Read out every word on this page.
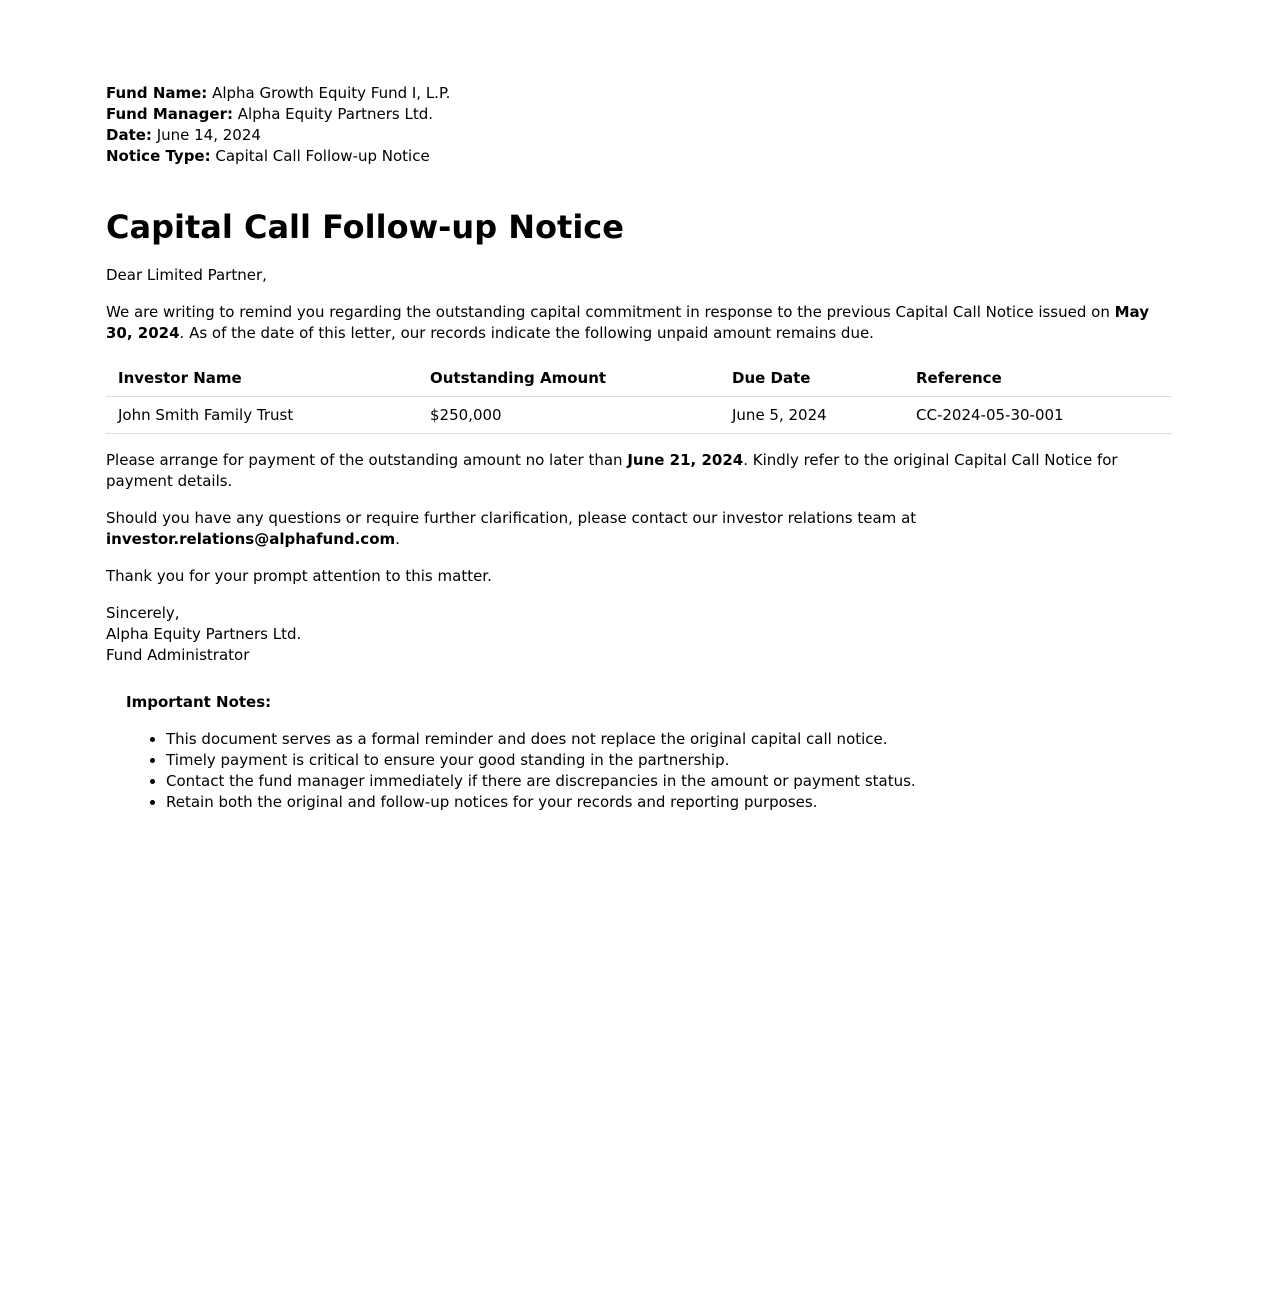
Fund Name: Alpha Growth Equity Fund I, L.P.
Fund Manager: Alpha Equity Partners Ltd.
Date: June 14, 2024
Notice Type: Capital Call Follow-up Notice
Capital Call Follow-up Notice

Dear Limited Partner,

We are writing to remind you regarding the outstanding capital commitment in response to the previous Capital Call Notice issued on May 30, 2024. As of the date of this letter, our records indicate the following unpaid amount remains due.

Investor Name	Outstanding Amount	Due Date	Reference
John Smith Family Trust	$250,000	June 5, 2024	CC-2024-05-30-001

Please arrange for payment of the outstanding amount no later than June 21, 2024. Kindly refer to the original Capital Call Notice for payment details.

Should you have any questions or require further clarification, please contact our investor relations team at investor.relations@alphafund.com.

Thank you for your prompt attention to this matter.

Sincerely,
Alpha Equity Partners Ltd.
Fund Administrator
Important Notes:
• This document serves as a formal reminder and does not replace the original capital call notice.
• Timely payment is critical to ensure your good standing in the partnership.
• Contact the fund manager immediately if there are discrepancies in the amount or payment status.
• Retain both the original and follow-up notices for your records and reporting purposes.
